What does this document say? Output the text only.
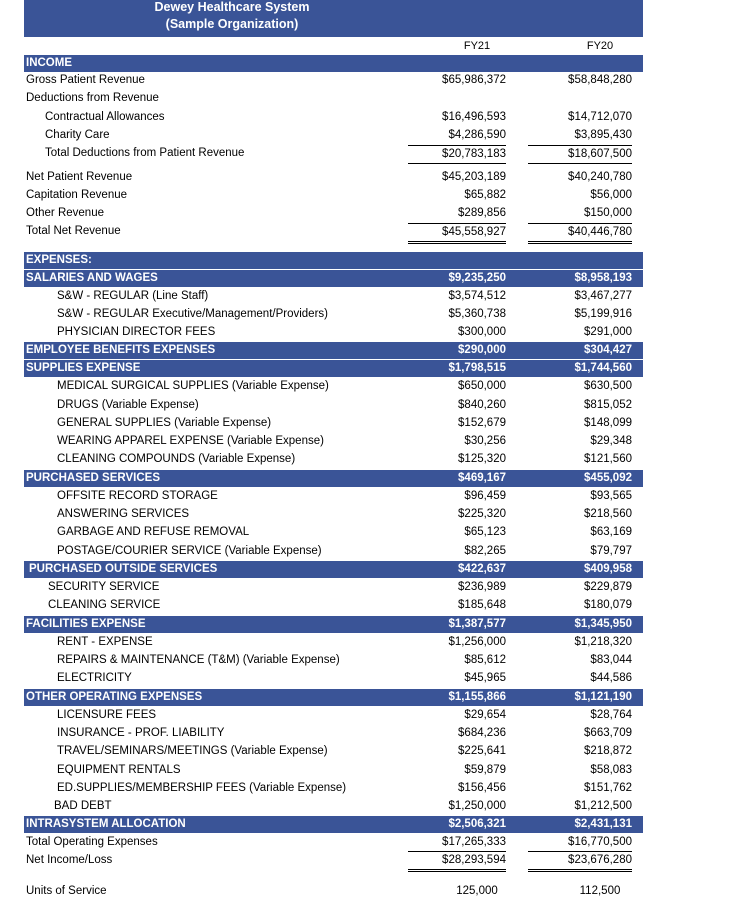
Dewey Healthcare System
(Sample Organization)
FY21	FY20
INCOME
Gross Patient Revenue	$65,986,372	$58,848,280
Deductions from Revenue
Contractual Allowances	$16,496,593	$14,712,070
Charity Care	$4,286,590	$3,895,430
Total Deductions from Patient Revenue	$20,783,183	$18,607,500
Net Patient Revenue	$45,203,189	$40,240,780
Capitation Revenue	$65,882	$56,000
Other Revenue	$289,856	$150,000
Total Net Revenue	$45,558,927	$40,446,780
EXPENSES:
SALARIES AND WAGES	$9,235,250	$8,958,193
S&W - REGULAR (Line Staff)	$3,574,512	$3,467,277
S&W - REGULAR Executive/Management/Providers)	$5,360,738	$5,199,916
PHYSICIAN DIRECTOR FEES	$300,000	$291,000
EMPLOYEE BENEFITS EXPENSES	$290,000	$304,427
SUPPLIES EXPENSE	$1,798,515	$1,744,560
MEDICAL SURGICAL SUPPLIES (Variable Expense)	$650,000	$630,500
DRUGS (Variable Expense)	$840,260	$815,052
GENERAL SUPPLIES (Variable Expense)	$152,679	$148,099
WEARING APPAREL EXPENSE (Variable Expense)	$30,256	$29,348
CLEANING COMPOUNDS (Variable Expense)	$125,320	$121,560
PURCHASED SERVICES	$469,167	$455,092
OFFSITE RECORD STORAGE	$96,459	$93,565
ANSWERING SERVICES	$225,320	$218,560
GARBAGE AND REFUSE REMOVAL	$65,123	$63,169
POSTAGE/COURIER SERVICE (Variable Expense)	$82,265	$79,797
PURCHASED OUTSIDE SERVICES	$422,637	$409,958
SECURITY SERVICE	$236,989	$229,879
CLEANING SERVICE	$185,648	$180,079
FACILITIES EXPENSE	$1,387,577	$1,345,950
RENT - EXPENSE	$1,256,000	$1,218,320
REPAIRS & MAINTENANCE (T&M) (Variable Expense)	$85,612	$83,044
ELECTRICITY	$45,965	$44,586
OTHER OPERATING EXPENSES	$1,155,866	$1,121,190
LICENSURE FEES	$29,654	$28,764
INSURANCE - PROF. LIABILITY	$684,236	$663,709
TRAVEL/SEMINARS/MEETINGS (Variable Expense)	$225,641	$218,872
EQUIPMENT RENTALS	$59,879	$58,083
ED.SUPPLIES/MEMBERSHIP FEES (Variable Expense)	$156,456	$151,762
BAD DEBT	$1,250,000	$1,212,500
INTRASYSTEM ALLOCATION	$2,506,321	$2,431,131
Total Operating Expenses	$17,265,333	$16,770,500
Net Income/Loss	$28,293,594	$23,676,280
Units of Service	125,000	112,500
